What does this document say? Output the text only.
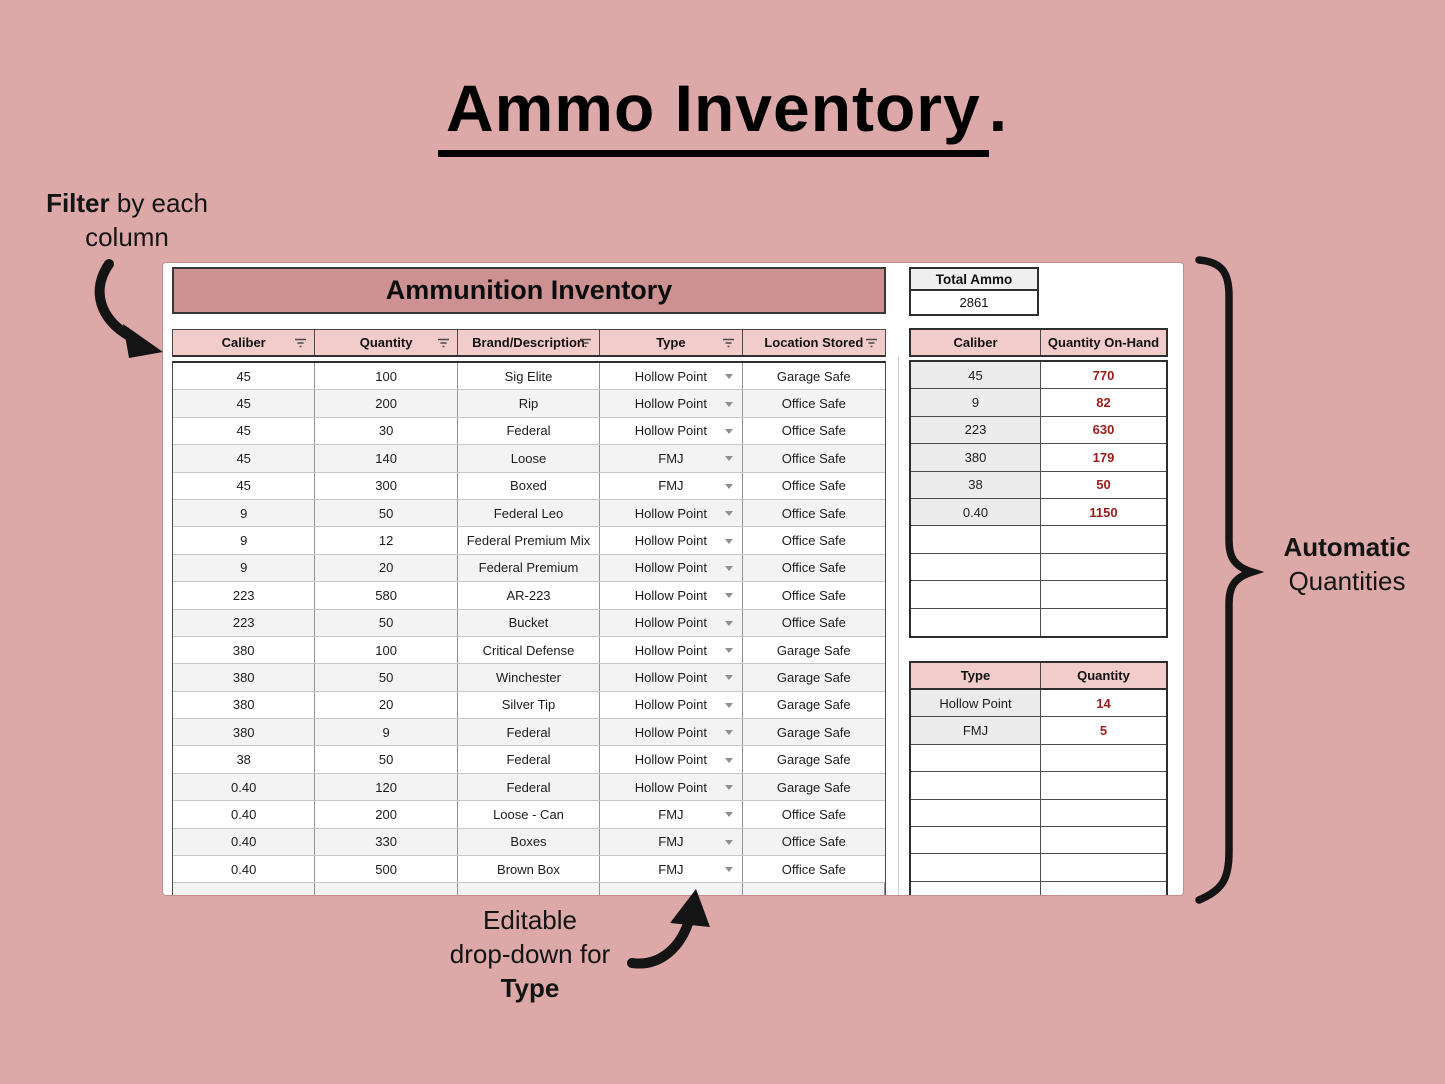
Ammo Inventory .
Filter by each
column
Ammunition Inventory
Caliber	Quantity	Brand/Description	Type	Location Stored
45	100	Sig Elite	Hollow Point	Garage Safe
45	200	Rip	Hollow Point	Office Safe
45	30	Federal	Hollow Point	Office Safe
45	140	Loose	FMJ	Office Safe
45	300	Boxed	FMJ	Office Safe
9	50	Federal Leo	Hollow Point	Office Safe
9	12	Federal Premium Mix	Hollow Point	Office Safe
9	20	Federal Premium	Hollow Point	Office Safe
223	580	AR-223	Hollow Point	Office Safe
223	50	Bucket	Hollow Point	Office Safe
380	100	Critical Defense	Hollow Point	Garage Safe
380	50	Winchester	Hollow Point	Garage Safe
380	20	Silver Tip	Hollow Point	Garage Safe
380	9	Federal	Hollow Point	Garage Safe
38	50	Federal	Hollow Point	Garage Safe
0.40	120	Federal	Hollow Point	Garage Safe
0.40	200	Loose - Can	FMJ	Office Safe
0.40	330	Boxes	FMJ	Office Safe
0.40	500	Brown Box	FMJ	Office Safe
Total Ammo
2861
Caliber	Quantity On-Hand
45	770
9	82
223	630
380	179
38	50
0.40	1150
Type	Quantity
Hollow Point	14
FMJ	5
Automatic
Quantities
Editable
drop-down for
Type
